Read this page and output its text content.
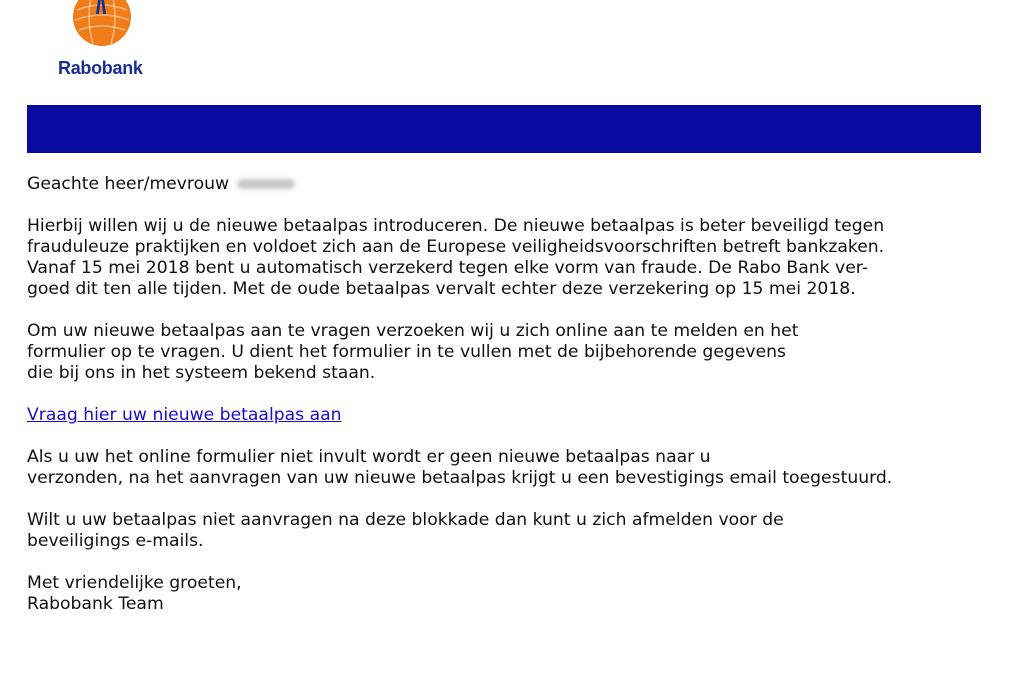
Rabobank

Geachte heer/mevrouw

Hierbij willen wij u de nieuwe betaalpas introduceren. De nieuwe betaalpas is beter beveiligd tegen

frauduleuze praktijken en voldoet zich aan de Europese veiligheidsvoorschriften betreft bankzaken.

Vanaf 15 mei 2018 bent u automatisch verzekerd tegen elke vorm van fraude. De Rabo Bank ver-

goed dit ten alle tijden. Met de oude betaalpas vervalt echter deze verzekering op 15 mei 2018.

Om uw nieuwe betaalpas aan te vragen verzoeken wij u zich online aan te melden en het

formulier op te vragen. U dient het formulier in te vullen met de bijbehorende gegevens

die bij ons in het systeem bekend staan.

Vraag hier uw nieuwe betaalpas aan

Als u uw het online formulier niet invult wordt er geen nieuwe betaalpas naar u

verzonden, na het aanvragen van uw nieuwe betaalpas krijgt u een bevestigings email toegestuurd.

Wilt u uw betaalpas niet aanvragen na deze blokkade dan kunt u zich afmelden voor de

beveiligings e-mails.

Met vriendelijke groeten,

Rabobank Team
